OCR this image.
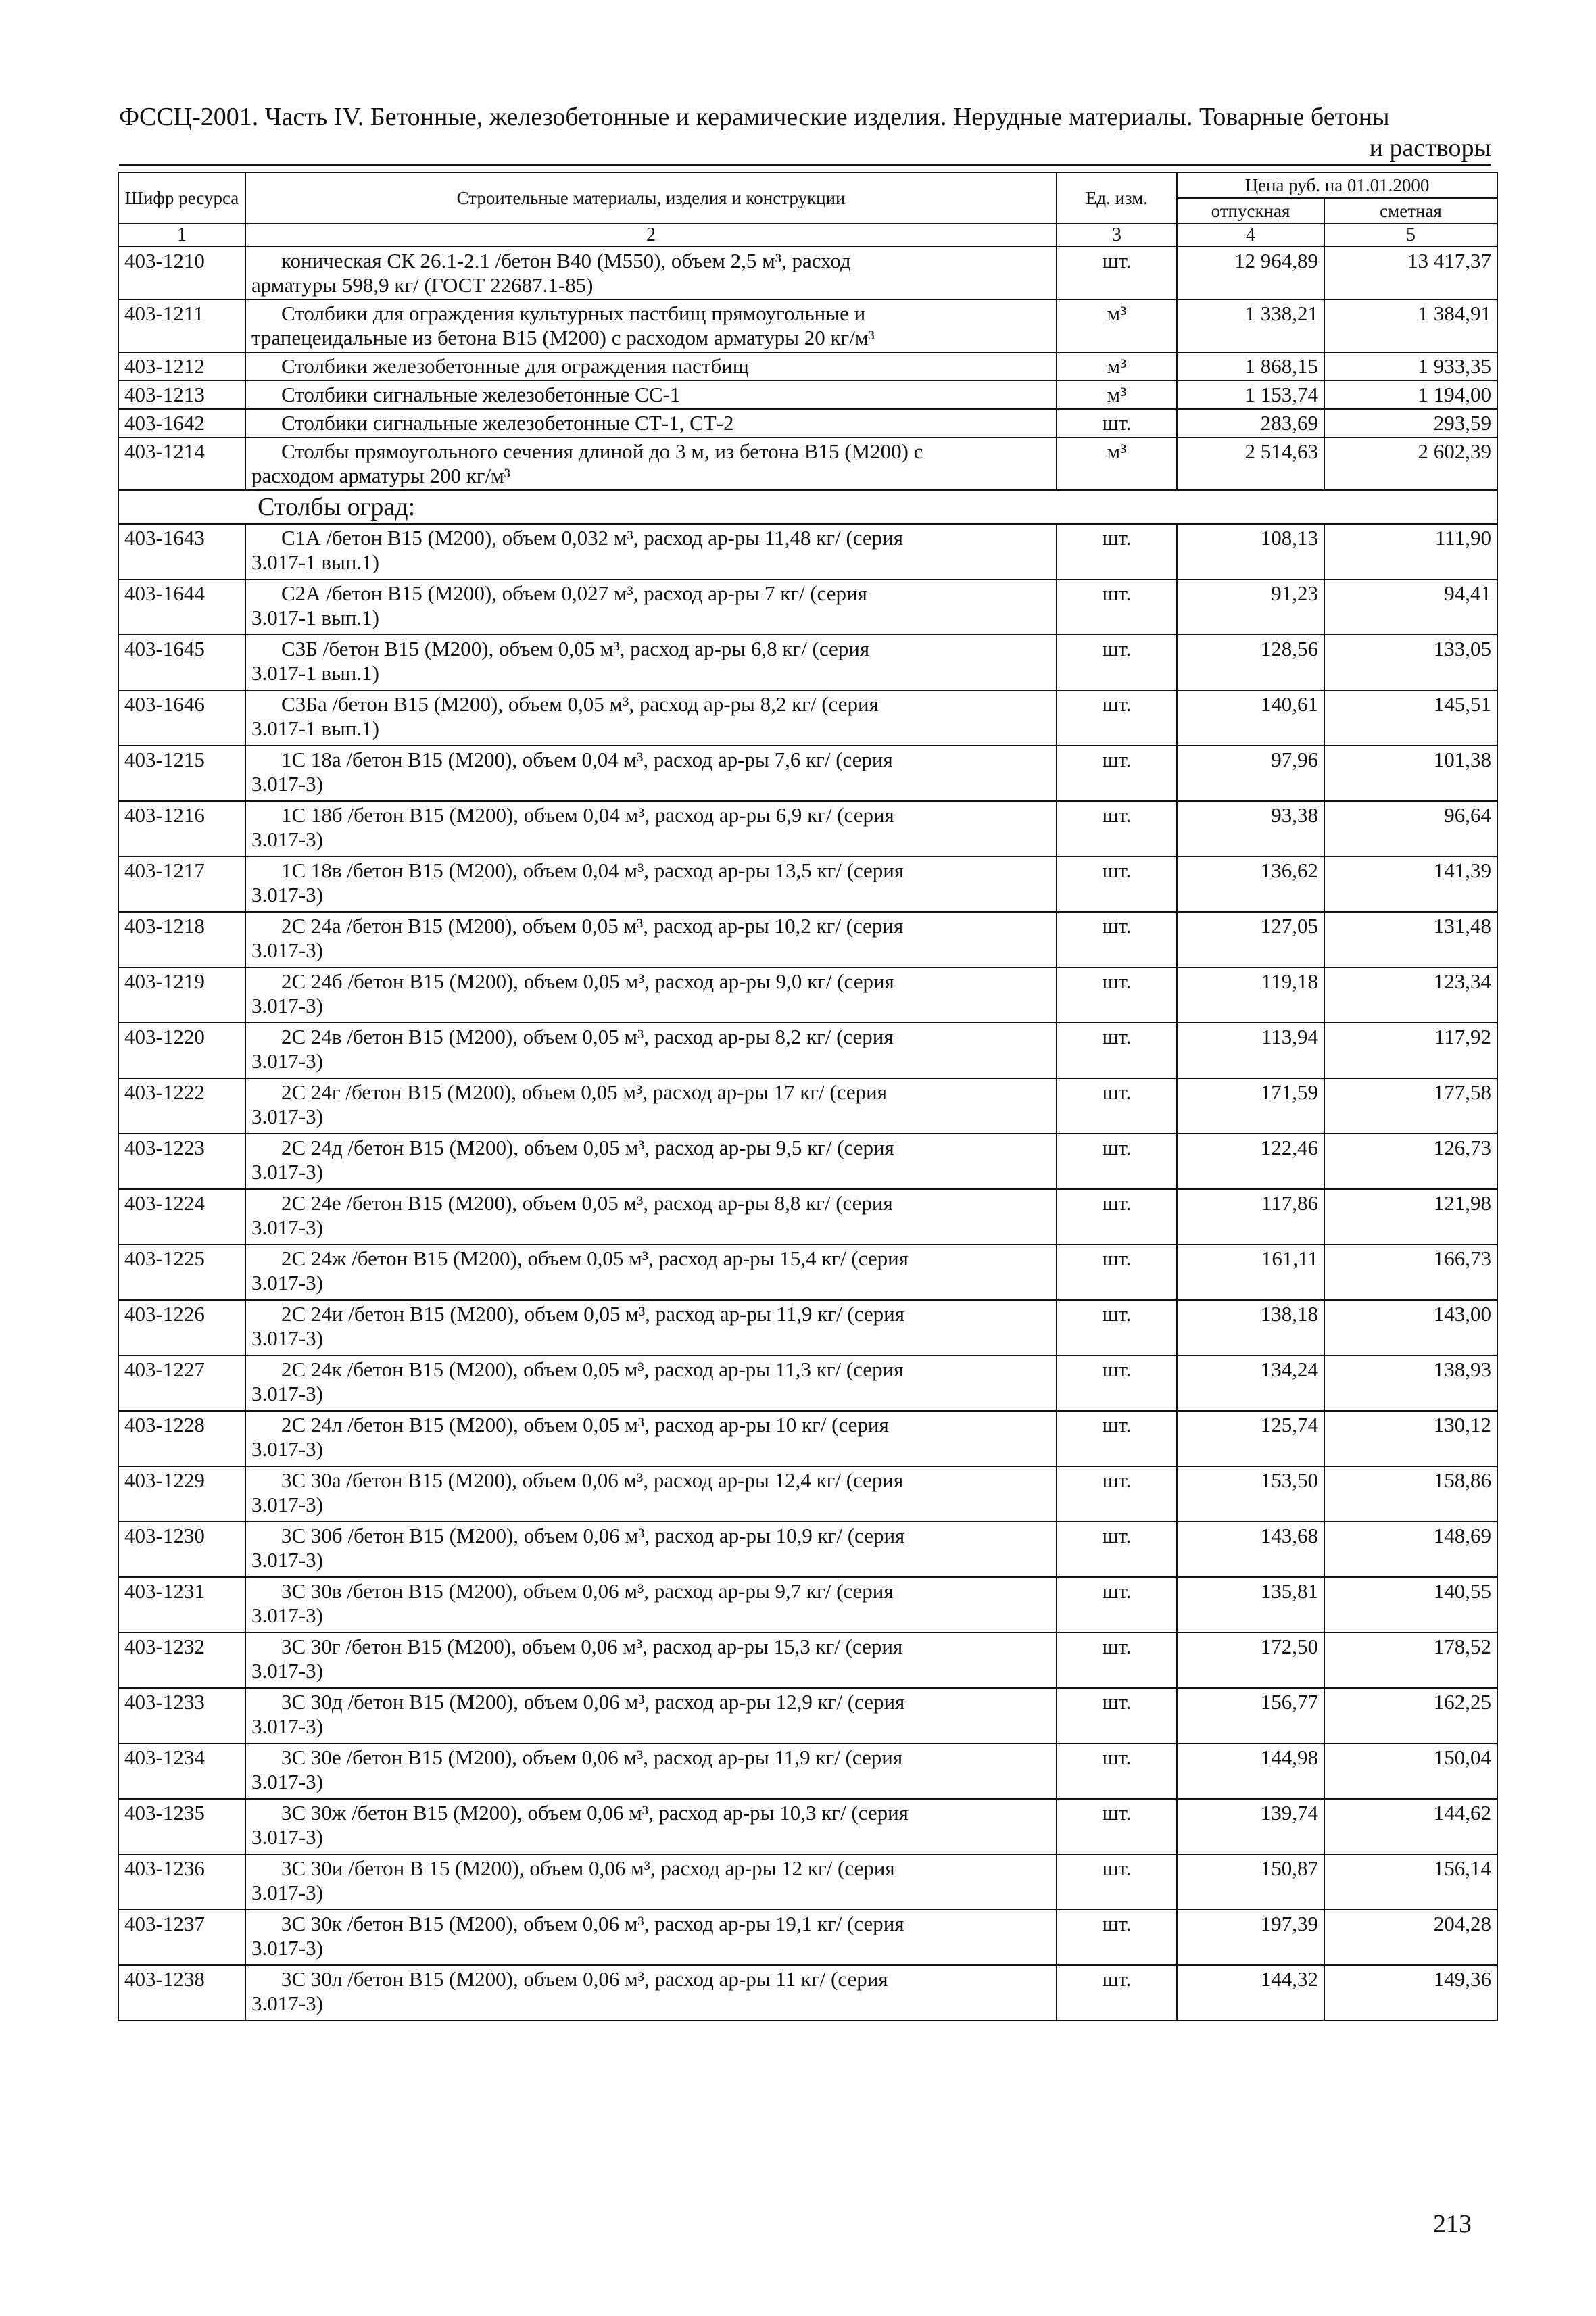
ФССЦ-2001. Часть IV. Бетонные, железобетонные и керамические изделия. Нерудные материалы. Товарные бетоны
и растворы
Шифр ресурса	Строительные материалы, изделия и конструкции	Ед. изм.	Цена руб. на 01.01.2000	
			отпускная	сметная
1	2	3	4	5
403-1210	коническая СК 26.1-2.1 /бетон В40 (М550), объем 2,5 м³, расход
арматуры 598,9 кг/ (ГОСТ 22687.1-85)	шт.	12 964,89	13 417,37
403-1211	Столбики для ограждения культурных пастбищ прямоугольные и
трапецеидальные из бетона В15 (М200) с расходом арматуры 20 кг/м³	м³	1 338,21	1 384,91
403-1212	Столбики железобетонные для ограждения пастбищ	м³	1 868,15	1 933,35
403-1213	Столбики сигнальные железобетонные СС-1	м³	1 153,74	1 194,00
403-1642	Столбики сигнальные железобетонные СТ-1, СТ-2	шт.	283,69	293,59
403-1214	Столбы прямоугольного сечения длиной до 3 м, из бетона В15 (М200) с
расходом арматуры 200 кг/м³	м³	2 514,63	2 602,39
Столбы оград:				
403-1643	С1А /бетон В15 (М200), объем 0,032 м³, расход ар-ры 11,48 кг/ (серия
3.017-1 вып.1)	шт.	108,13	111,90
403-1644	С2А /бетон В15 (М200), объем 0,027 м³, расход ар-ры 7 кг/ (серия
3.017-1 вып.1)	шт.	91,23	94,41
403-1645	С3Б /бетон В15 (М200), объем 0,05 м³, расход ар-ры 6,8 кг/ (серия
3.017-1 вып.1)	шт.	128,56	133,05
403-1646	С3Ба /бетон В15 (М200), объем 0,05 м³, расход ар-ры 8,2 кг/ (серия
3.017-1 вып.1)	шт.	140,61	145,51
403-1215	1С 18а /бетон В15 (М200), объем 0,04 м³, расход ар-ры 7,6 кг/ (серия
3.017-3)	шт.	97,96	101,38
403-1216	1С 18б /бетон В15 (М200), объем 0,04 м³, расход ар-ры 6,9 кг/ (серия
3.017-3)	шт.	93,38	96,64
403-1217	1С 18в /бетон В15 (М200), объем 0,04 м³, расход ар-ры 13,5 кг/ (серия
3.017-3)	шт.	136,62	141,39
403-1218	2С 24а /бетон В15 (М200), объем 0,05 м³, расход ар-ры 10,2 кг/ (серия
3.017-3)	шт.	127,05	131,48
403-1219	2С 24б /бетон В15 (М200), объем 0,05 м³, расход ар-ры 9,0 кг/ (серия
3.017-3)	шт.	119,18	123,34
403-1220	2С 24в /бетон В15 (М200), объем 0,05 м³, расход ар-ры 8,2 кг/ (серия
3.017-3)	шт.	113,94	117,92
403-1222	2С 24г /бетон В15 (М200), объем 0,05 м³, расход ар-ры 17 кг/ (серия
3.017-3)	шт.	171,59	177,58
403-1223	2С 24д /бетон В15 (М200), объем 0,05 м³, расход ар-ры 9,5 кг/ (серия
3.017-3)	шт.	122,46	126,73
403-1224	2С 24е /бетон В15 (М200), объем 0,05 м³, расход ар-ры 8,8 кг/ (серия
3.017-3)	шт.	117,86	121,98
403-1225	2С 24ж /бетон В15 (М200), объем 0,05 м³, расход ар-ры 15,4 кг/ (серия
3.017-3)	шт.	161,11	166,73
403-1226	2С 24и /бетон В15 (М200), объем 0,05 м³, расход ар-ры 11,9 кг/ (серия
3.017-3)	шт.	138,18	143,00
403-1227	2С 24к /бетон В15 (М200), объем 0,05 м³, расход ар-ры 11,3 кг/ (серия
3.017-3)	шт.	134,24	138,93
403-1228	2С 24л /бетон В15 (М200), объем 0,05 м³, расход ар-ры 10 кг/ (серия
3.017-3)	шт.	125,74	130,12
403-1229	3С 30а /бетон В15 (М200), объем 0,06 м³, расход ар-ры 12,4 кг/ (серия
3.017-3)	шт.	153,50	158,86
403-1230	3С 30б /бетон В15 (М200), объем 0,06 м³, расход ар-ры 10,9 кг/ (серия
3.017-3)	шт.	143,68	148,69
403-1231	3С 30в /бетон В15 (М200), объем 0,06 м³, расход ар-ры 9,7 кг/ (серия
3.017-3)	шт.	135,81	140,55
403-1232	3С 30г /бетон В15 (М200), объем 0,06 м³, расход ар-ры 15,3 кг/ (серия
3.017-3)	шт.	172,50	178,52
403-1233	3С 30д /бетон В15 (М200), объем 0,06 м³, расход ар-ры 12,9 кг/ (серия
3.017-3)	шт.	156,77	162,25
403-1234	3С 30е /бетон В15 (М200), объем 0,06 м³, расход ар-ры 11,9 кг/ (серия
3.017-3)	шт.	144,98	150,04
403-1235	3С 30ж /бетон В15 (М200), объем 0,06 м³, расход ар-ры 10,3 кг/ (серия
3.017-3)	шт.	139,74	144,62
403-1236	3С 30и /бетон В 15 (М200), объем 0,06 м³, расход ар-ры 12 кг/ (серия
3.017-3)	шт.	150,87	156,14
403-1237	3С 30к /бетон В15 (М200), объем 0,06 м³, расход ар-ры 19,1 кг/ (серия
3.017-3)	шт.	197,39	204,28
403-1238	3С 30л /бетон В15 (М200), объем 0,06 м³, расход ар-ры 11 кг/ (серия
3.017-3)	шт.	144,32	149,36
213
